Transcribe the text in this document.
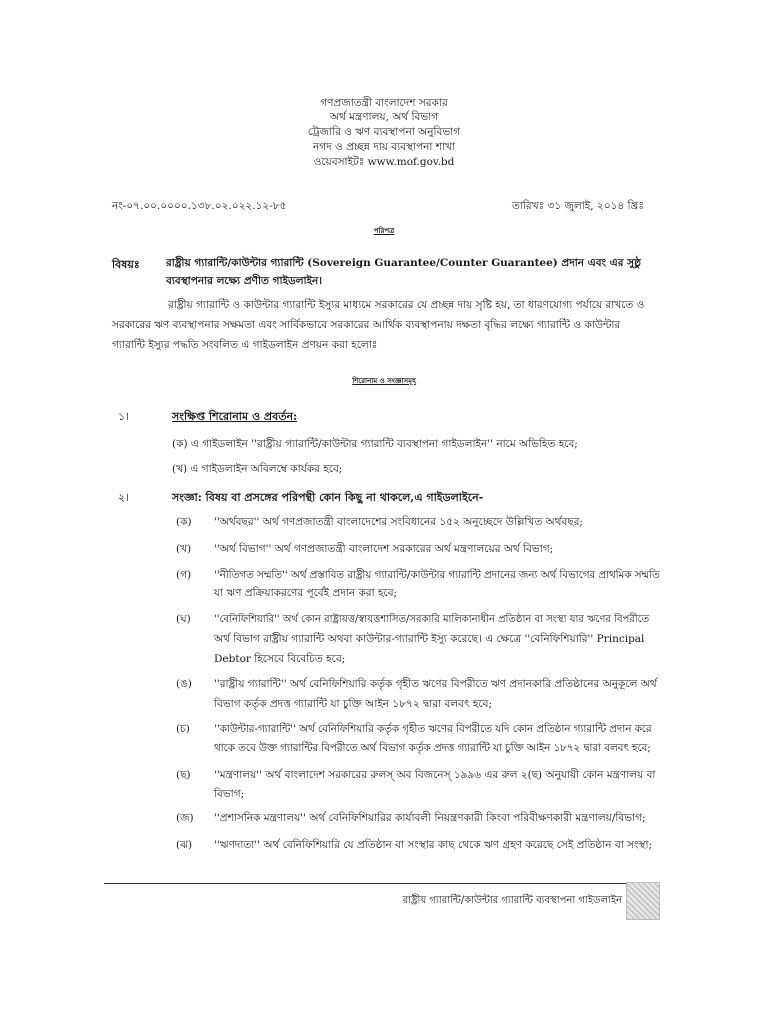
গণপ্রজাতন্ত্রী বাংলাদেশ সরকার
অর্থ মন্ত্রণালয়, অর্থ বিভাগ
ট্রেজারি ও ঋণ ব্যবস্থাপনা অনুবিভাগ
নগদ ও প্রচ্ছন্ন দায় ব্যবস্থাপনা শাখা
ওয়েবসাইটঃ www.mof.gov.bd
নং-০৭.০০.০০০০.১৩৮.০২.০২২.১২-৮৫	তারিখঃ ৩১ জুলাই, ২০১৪ খ্রিঃ
পরিপত্র
বিষয়ঃ	রাষ্ট্রীয় গ্যারান্টি/কাউন্টার গ্যারান্টি (Sovereign Guarantee/Counter Guarantee) প্রদান এবং এর সুষ্ঠু
ব্যবস্থাপনার লক্ষ্যে প্রণীত গাইডলাইন।
রাষ্ট্রীয় গ্যারান্টি ও কাউন্টার গ্যারান্টি ইস্যুর মাধ্যমে সরকারের যে প্রচ্ছন্ন দায় সৃষ্টি হয়, তা ধারণযোগ্য পর্যায়ে রাখতে ও
সরকারের ঋণ ব্যবস্থাপনার সক্ষমতা এবং সার্বিকভাবে সরকারের আর্থিক ব্যবস্থাপনায় দক্ষতা বৃদ্ধির লক্ষ্যে গ্যারান্টি ও কাউন্টার
গ্যারান্টি ইস্যুর পদ্ধতি সংবলিত এ গাইডলাইন প্রণয়ন করা হলোঃ
শিরোনাম ও সংজ্ঞাসমূহ
১।	সংক্ষিপ্ত শিরোনাম ও প্রবর্তন:
(ক) এ গাইডলাইন ''রাষ্ট্রীয় গ্যারান্টি/কাউন্টার গ্যারান্টি ব্যবস্থাপনা গাইডলাইন'' নামে অভিহিত হবে;
(খ) এ গাইডলাইন অবিলম্বে কার্যকর হবে;
২।	সংজ্ঞা: বিষয় বা প্রসঙ্গের পরিপন্থী কোন কিছু না থাকলে,এ গাইডলাইনে-
(ক) ''অর্থবছর'' অর্থ গণপ্রজাতন্ত্রী বাংলাদেশের সংবিধানের ১৫২ অনুচ্ছেদে উল্লিখিত অর্থবছর;
(খ) ''অর্থ বিভাগ'' অর্থ গণপ্রজাতন্ত্রী বাংলাদেশ সরকারের অর্থ মন্ত্রণালয়ের অর্থ বিভাগ;
(গ) ''নীতিগত সম্মতি'' অর্থ প্রস্তাবিত রাষ্ট্রীয় গ্যারান্টি/কাউন্টার গ্যারান্টি প্রদানের জন্য অর্থ বিভাগের প্রাথমিক সম্মতি
যা ঋণ প্রক্রিয়াকরণের পূর্বেই প্রদান করা হবে;
(ঘ) ''বেনিফিশিয়ারি'' অর্থ কোন রাষ্ট্রায়ত্ত/স্বায়ত্তশাসিত/সরকারি মালিকানাধীন প্রতিষ্ঠান বা সংস্থা যার ঋণের বিপরীতে
অর্থ বিভাগ রাষ্ট্রীয় গ্যারান্টি অথবা কাউন্টার-গ্যারান্টি ইস্যু করেছে। এ ক্ষেত্রে ''বেনিফিশিয়ারি'' Principal
Debtor হিসেবে বিবেচিত হবে;
(ঙ) ''রাষ্ট্রীয় গ্যারান্টি'' অর্থ বেনিফিশিয়ারি কর্তৃক গৃহীত ঋণের বিপরীতে ঋণ প্রদানকারি প্রতিষ্ঠানের অনুকূলে অর্থ
বিভাগ কর্তৃক প্রদত্ত গ্যারান্টি যা চুক্তি আইন ১৮৭২ দ্বারা বলবৎ হবে;
(চ) ''কাউন্টার-গ্যারান্টি'' অর্থ বেনিফিশিয়ারি কর্তৃক গৃহীত ঋণের বিপরীতে যদি কোন প্রতিষ্ঠান গ্যারান্টি প্রদান করে
থাকে তবে উক্ত গ্যারান্টির বিপরীতে অর্থ বিভাগ কর্তৃক প্রদত্ত গ্যারান্টি যা চুক্তি আইন ১৮৭২ দ্বারা বলবৎ হবে;
(ছ) ''মন্ত্রণালয়'' অর্থ বাংলাদেশ সরকারের রুলস্ অব বিজনেস্ ১৯৯৬ এর রুল ২(ছ) অনুযায়ী কোন মন্ত্রণালয় বা
বিভাগ;
(জ) ''প্রশাসনিক মন্ত্রণালয়'' অর্থ বেনিফিশিয়ারির কার্যাবলী নিয়ন্ত্রণকারী কিংবা পরিবীক্ষণকারী মন্ত্রণালয়/বিভাগ;
(ঝ) ''ঋণদাতা'' অর্থ বেনিফিশিয়ারি যে প্রতিষ্ঠান বা সংস্থার কাছ থেকে ঋণ গ্রহণ করেছে সেই প্রতিষ্ঠান বা সংস্থা;
রাষ্ট্রীয় গ্যারান্টি/কাউন্টার গ্যারান্টি ব্যবস্থাপনা গাইডলাইন
